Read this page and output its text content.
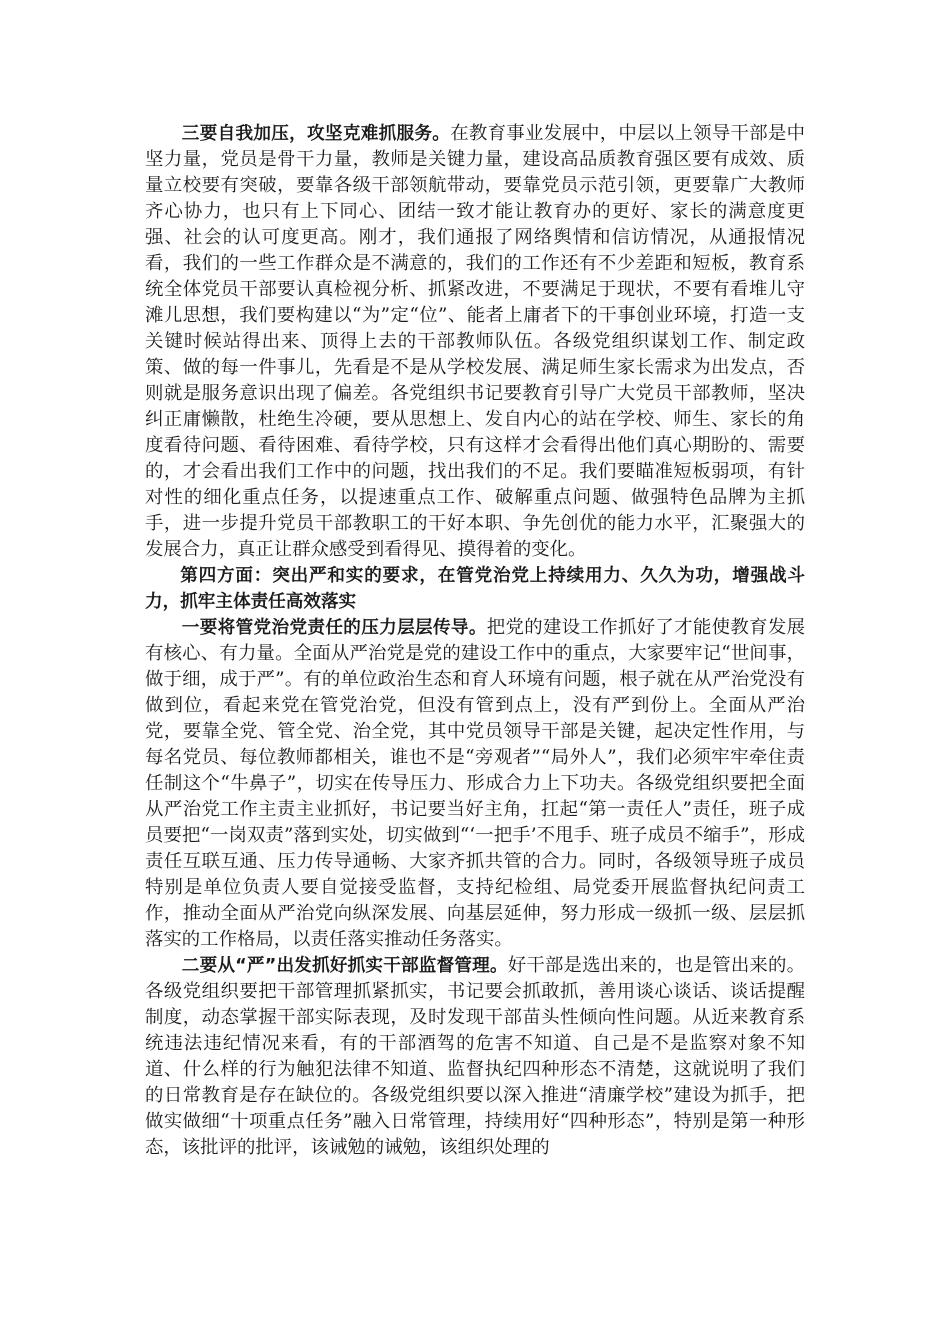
三要自我加压，攻坚克难抓服务。在教育事业发展中，中层以上领导干部是中坚力量，党员是骨干力量，教师是关键力量，建设高品质教育强区要有成效、质量立校要有突破，要靠各级干部领航带动，要靠党员示范引领，更要靠广大教师齐心协力，也只有上下同心、团结一致才能让教育办的更好、家长的满意度更强、社会的认可度更高。刚才，我们通报了网络舆情和信访情况，从通报情况看，我们的一些工作群众是不满意的，我们的工作还有不少差距和短板，教育系统全体党员干部要认真检视分析、抓紧改进，不要满足于现状，不要有看堆儿守滩儿思想，我们要构建以“为”定“位”、能者上庸者下的干事创业环境，打造一支关键时候站得出来、顶得上去的干部教师队伍。各级党组织谋划工作、制定政策、做的每一件事儿，先看是不是从学校发展、满足师生家长需求为出发点，否则就是服务意识出现了偏差。各党组织书记要教育引导广大党员干部教师，坚决纠正庸懒散，杜绝生冷硬，要从思想上、发自内心的站在学校、师生、家长的角度看待问题、看待困难、看待学校，只有这样才会看得出他们真心期盼的、需要的，才会看出我们工作中的问题，找出我们的不足。我们要瞄准短板弱项，有针对性的细化重点任务，以提速重点工作、破解重点问题、做强特色品牌为主抓手，进一步提升党员干部教职工的干好本职、争先创优的能力水平，汇聚强大的发展合力，真正让群众感受到看得见、摸得着的变化。

第四方面：突出严和实的要求，在管党治党上持续用力、久久为功，增强战斗力，抓牢主体责任高效落实

一要将管党治党责任的压力层层传导。把党的建设工作抓好了才能使教育发展有核心、有力量。全面从严治党是党的建设工作中的重点，大家要牢记“世间事，做于细，成于严”。有的单位政治生态和育人环境有问题，根子就在从严治党没有做到位，看起来党在管党治党，但没有管到点上，没有严到份上。全面从严治党，要靠全党、管全党、治全党，其中党员领导干部是关键，起决定性作用，与每名党员、每位教师都相关，谁也不是“旁观者”“局外人”，我们必须牢牢牵住责任制这个“牛鼻子”，切实在传导压力、形成合力上下功夫。各级党组织要把全面从严治党工作主责主业抓好，书记要当好主角，扛起“第一责任人”责任，班子成员要把“一岗双责”落到实处，切实做到“‘一把手’不甩手、班子成员不缩手”，形成责任互联互通、压力传导通畅、大家齐抓共管的合力。同时，各级领导班子成员特别是单位负责人要自觉接受监督，支持纪检组、局党委开展监督执纪问责工作，推动全面从严治党向纵深发展、向基层延伸，努力形成一级抓一级、层层抓落实的工作格局，以责任落实推动任务落实。

二要从“严”出发抓好抓实干部监督管理。好干部是选出来的，也是管出来的。各级党组织要把干部管理抓紧抓实，书记要会抓敢抓，善用谈心谈话、谈话提醒制度，动态掌握干部实际表现，及时发现干部苗头性倾向性问题。从近来教育系统违法违纪情况来看，有的干部酒驾的危害不知道、自己是不是监察对象不知道、什么样的行为触犯法律不知道、监督执纪四种形态不清楚，这就说明了我们的日常教育是存在缺位的。各级党组织要以深入推进“清廉学校”建设为抓手，把做实做细“十项重点任务”融入日常管理，持续用好“四种形态”，特别是第一种形态，该批评的批评，该诫勉的诫勉，该组织处理的
